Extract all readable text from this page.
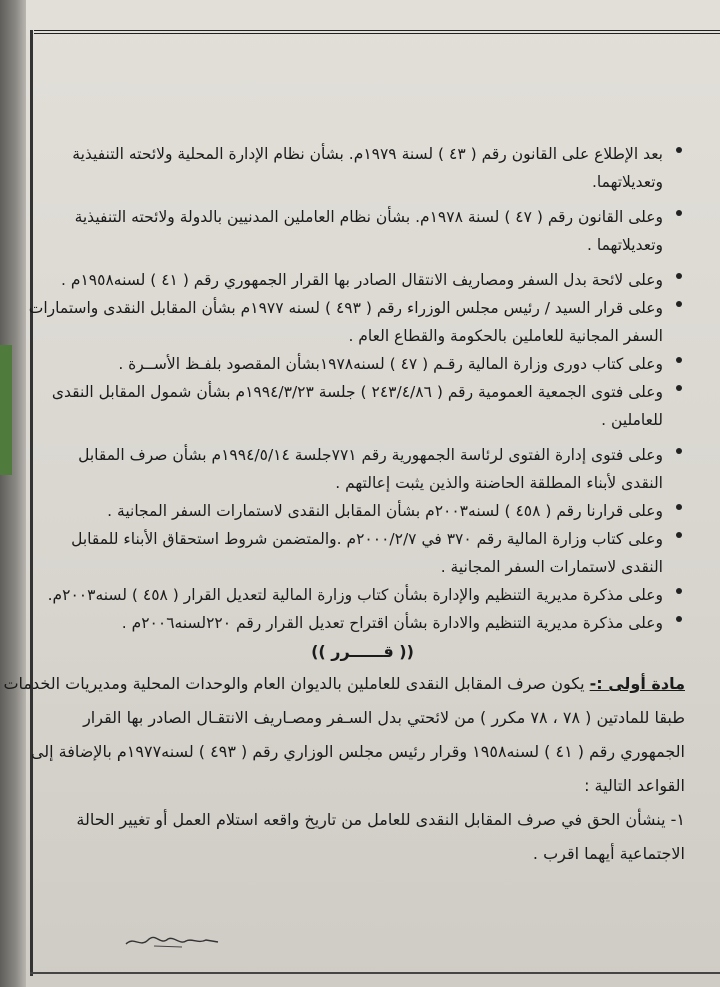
بعد الإطلاع على القانون رقم ( ٤٣ ) لسنة ١٩٧٩م. بشأن نظام الإدارة المحلية ولائحته التنفيذية
وتعديلاتهما.
وعلى القانون رقم ( ٤٧ ) لسنة ١٩٧٨م. بشأن نظام العاملين المدنيين بالدولة ولائحته التنفيذية
وتعديلاتهما .
وعلى لائحة بدل السفر ومصاريف الانتقال الصادر بها القرار الجمهوري رقم ( ٤١ ) لسنه١٩٥٨م .
وعلى قرار السيد / رئيس مجلس الوزراء رقم ( ٤٩٣ ) لسنه ١٩٧٧م بشأن المقابل النقدى واستمارات
السفر المجانية للعاملين بالحكومة والقطاع العام .
وعلى كتاب دورى وزارة المالية رقـم ( ٤٧ ) لسنه١٩٧٨بشأن المقصود بلفـظ الأســرة .
وعلى فتوى الجمعية العمومية رقم ( ٢٤٣/٤/٨٦ ) جلسة ١٩٩٤/٣/٢٣م بشأن شمول المقابل النقدى
للعاملين .
وعلى فتوى إدارة الفتوى لرئاسة الجمهورية رقم ٧٧١جلسة ١٩٩٤/٥/١٤م بشأن صرف المقابل
النقدى لأبناء المطلقة الحاضنة والذين يثبت إعالتهم .
وعلى قرارنا رقم ( ٤٥٨ ) لسنه٢٠٠٣م بشأن المقابل النقدى لاستمارات السفر المجانية .
وعلى كتاب وزارة المالية رقم ٣٧٠ في ٢٠٠٠/٢/٧م .والمتضمن شروط استحقاق الأبناء للمقابل
النقدى لاستمارات السفر المجانية .
وعلى مذكرة مديرية التنظيم والإدارة بشأن كتاب وزارة المالية لتعديل القرار ( ٤٥٨ ) لسنه٢٠٠٣م.
وعلى مذكرة مديرية التنظيم والادارة بشأن اقتراح تعديل القرار رقم ٢٢٠لسنه٢٠٠٦م .
(( قــــــرر ))
مادة أولى :- يكون صرف المقابل النقدى للعاملين بالديوان العام والوحدات المحلية ومديريات الخدمات
طبقا للمادتين ( ٧٨ ، ٧٨ مكرر ) من لائحتي بدل السـفر ومصـاريف الانتقـال الصادر بها القرار
الجمهوري رقم ( ٤١ ) لسنه١٩٥٨ وقرار رئيس مجلس الوزاري رقم ( ٤٩٣ ) لسنه١٩٧٧م بالإضافة إلى
القواعد التالية :
١- ينشأن الحق في صرف المقابل النقدى للعامل من تاريخ واقعه استلام العمل أو تغيير الحالة
الاجتماعية أيهما اقرب .
